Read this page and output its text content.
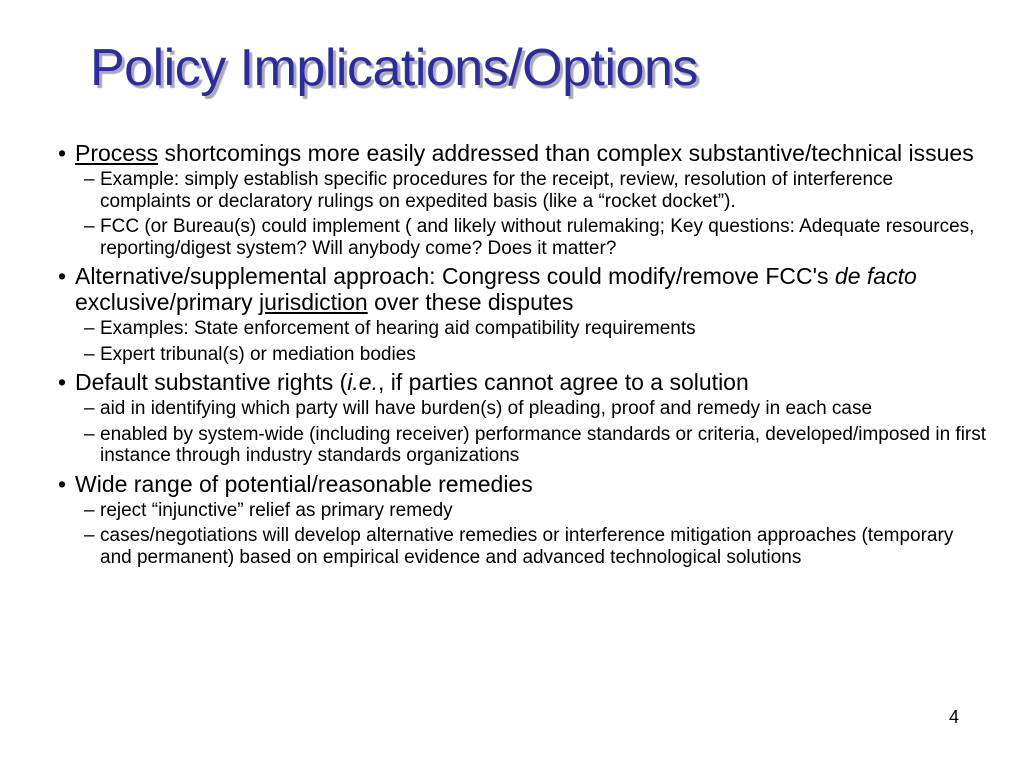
Policy Implications/Options
• Process shortcomings more easily addressed than complex substantive/technical issues
– Example: simply establish specific procedures for the receipt, review, resolution of interference complaints or declaratory rulings on expedited basis (like a “rocket docket”).
– FCC (or Bureau(s) could implement ( and likely without rulemaking; Key questions: Adequate resources, reporting/digest system? Will anybody come? Does it matter?
• Alternative/supplemental approach: Congress could modify/remove FCC's de facto exclusive/primary jurisdiction over these disputes
– Examples: State enforcement of hearing aid compatibility requirements
– Expert tribunal(s) or mediation bodies
• Default substantive rights (i.e., if parties cannot agree to a solution
– aid in identifying which party will have burden(s) of pleading, proof and remedy in each case
– enabled by system-wide (including receiver) performance standards or criteria, developed/imposed in first instance through industry standards organizations
• Wide range of potential/reasonable remedies
– reject “injunctive” relief as primary remedy
– cases/negotiations will develop alternative remedies or interference mitigation approaches (temporary and permanent) based on empirical evidence and advanced technological solutions
4
